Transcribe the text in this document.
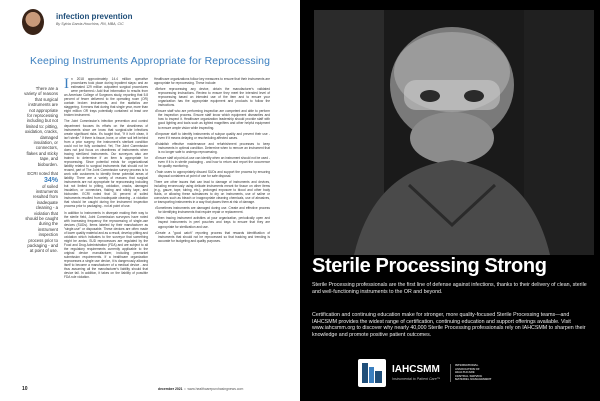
infection prevention
By Sylvia Garcia-Houchins, RN, MBA, CIC
Keeping Instruments Appropriate for Reprocessing
There are a variety of reasons that surgical instruments are not appropriate for reprocessing including but not limited to: pitting, oxidation, cracks, damaged insulation, or connectors, flakes and sticky tape, and bioburden.
ECRI noted that
34%
of soiled instruments resulted from inadequate cleaning - a violation that should be caught during the instrument inspection process prior to packaging - and at point of use.

In 2018 approximately 14.4 million operative procedures took place during inpatient stays¹ and an estimated 129 million outpatient surgical procedures were performed.² Add that information to results from an American College of Surgeons study, reporting that 5.8 percent of fewer delivered to the operating room (OR) contain broken instruments, and the statistics are staggering. It means that during that single year, more than eight million OR trays potentially contained at least one broken instrument.

The Joint Commission's infection prevention and control department focuses its efforts on the cleanliness of instruments since we know that surgical-site infections create significant risks. It's taught that, "If it isn't clean, it isn't sterile." If there is tissue, bone, or other soil left behind from a prior surgery, the instrument's sterilant condition could not be fully contacted. Yet, The Joint Commission does not just focus on cleanliness of instruments when tracing sterilized instruments. Our surveyors also are trained to determine if an item is appropriate for reprocessing. Since potential exists for organizational liability related to surgical instruments that should not be reused, part of The Joint Commission survey process is to work with customers to identify these potential areas of liability. There are a variety of reasons that surgical instruments are not appropriate for reprocessing including but not limited to pitting, oxidation, cracks, damaged insulation, or connectors, flaking and sticky tape, and bioburden. ECRI noted that 34 percent of soiled instruments resulted from inadequate cleaning - a violation that should be caught during the instrument inspection process prior to packaging - not at point of use.

In addition to instruments in disrepair making their way to the sterile field, Joint Commission surveyors have noted with increasing frequency the reprocessing of single-use devices (SUDs). Items labeled by their manufacturer as "single-use" or disposable. These devices are often made of lower quality material and as a result, develop pitting and oxidation which indicates to the surveyor that something might be amiss. SUD reprocessors are regulated by the Food and Drug Administration (FDA) and are subject to all the regulatory requirements currently applicable to the original device manufacturer, including premarket submission requirements. If a healthcare organization reprocesses a single use device, it is dangerously allowing itself to become a manufacturer of a medical device - and thus assuming all the manufacturer's liability should that device fail. In addition, it takes on the liability of possible FDA rule violation.

Healthcare organizations follow key measures to ensure that their instruments are appropriate for reprocessing. These include:

•Before reprocessing any device, obtain the manufacturer's validated reprocessing instructions. Review to ensure they meet the intended level of reprocessing based on intended use of the item and to ensure your organization has the appropriate equipment and products to follow the instructions.

•Ensure staff who are performing inspection are competent and able to perform the inspection process. Ensure staff know which equipment dismantles and how to inspect it. Healthcare organization leadership should provide staff with good lighting and tools such as lighted magnifiers and other helpful equipment to ensure ample vision while inspecting.

•Empower staff to identify instruments of subpar quality and prevent their use - even if it means delaying or rescheduling affected cases.

•Establish effective maintenance and refurbishment processes to keep instruments in optimal condition. Determine when to remove an instrument that is no longer safe to undergo reprocessing.

•Ensure staff at point-of-use can identify when an instrument should not be used - even if it is in sterile packaging - and how to return and report the occurrence for quality monitoring.

•Train users to appropriately discard SUDs and support the process by ensuring disposal containers at point of use for safe disposal.

There are other issues that can lead to damage of instruments and devices, including erroneously using delicate instruments meant for tissue on other items (e.g., gauze, tape, tubing, etc.), prolonged exposure to blood and other body fluids, or allowing these substances to dry on instruments, use of saline or corrosives such as bleach or inappropriate cleaning chemicals, use of abrasives, or transporting instruments in a way that places them at risk of damage.

•Sometimes instruments are damaged during use. Create and effective process for identifying instruments that require repair or replacement.

•When tracing instrument activities at your organization, periodically open and inspect instruments in peel pouches and trays to ensure that they are appropriate for sterilization and use.

•Create a "good catch" reporting process that rewards identification of instruments that should not be reprocessed so that tracking and trending is accurate for budgeting and quality purposes.

10	december 2021  •  www.healthcarepurchasingnews.com
Sterile Processing Strong

Sterile Processing professionals are the first line of defense against infections, thanks to their delivery of clean, sterile and well-functioning instruments to the OR and beyond.

Certification and continuing education make for stronger, more quality-focused Sterile Processing teams—and IAHCSMM provides the widest range of certification, continuing education and support offerings available. Visit www.iahcsmm.org to discover why nearly 40,000 Sterile Processing professionals rely on IAHCSMM to sharpen their knowledge and promote positive patient outcomes.

IAHCSMM
Instrumental to Patient Care™
INTERNATIONAL
ASSOCIATION OF
HEALTHCARE
CENTRAL SERVICE
MATERIEL MANAGEMENT
